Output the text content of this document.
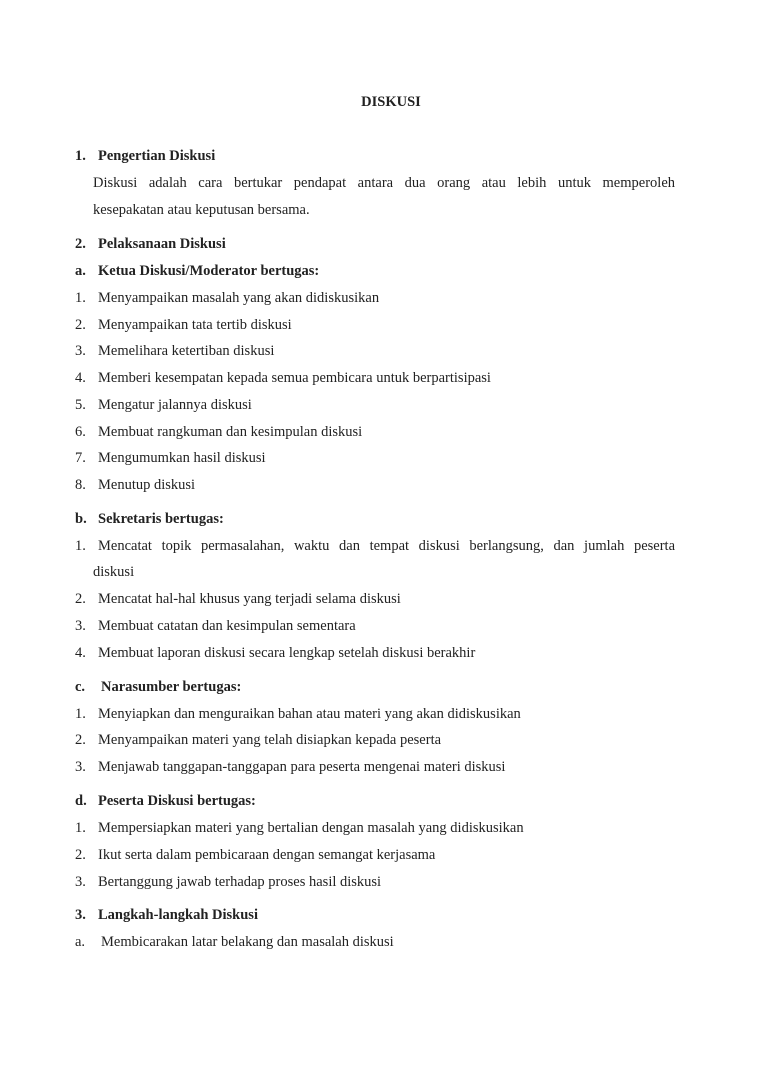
DISKUSI
1. Pengertian Diskusi
Diskusi adalah cara bertukar pendapat antara dua orang atau lebih untuk memperoleh
kesepakatan atau keputusan bersama.
2. Pelaksanaan Diskusi
a. Ketua Diskusi/Moderator bertugas:
1. Menyampaikan masalah yang akan didiskusikan
2. Menyampaikan tata tertib diskusi
3. Memelihara ketertiban diskusi
4. Memberi kesempatan kepada semua pembicara untuk berpartisipasi
5. Mengatur jalannya diskusi
6. Membuat rangkuman dan kesimpulan diskusi
7. Mengumumkan hasil diskusi
8. Menutup diskusi
b. Sekretaris bertugas:
1. Mencatat topik permasalahan, waktu dan tempat diskusi berlangsung, dan jumlah peserta
diskusi
2. Mencatat hal-hal khusus yang terjadi selama diskusi
3. Membuat catatan dan kesimpulan sementara
4. Membuat laporan diskusi secara lengkap setelah diskusi berakhir
c. Narasumber bertugas:
1. Menyiapkan dan menguraikan bahan atau materi yang akan didiskusikan
2. Menyampaikan materi yang telah disiapkan kepada peserta
3. Menjawab tanggapan-tanggapan para peserta mengenai materi diskusi
d. Peserta Diskusi bertugas:
1. Mempersiapkan materi yang bertalian dengan masalah yang didiskusikan
2. Ikut serta dalam pembicaraan dengan semangat kerjasama
3. Bertanggung jawab terhadap proses hasil diskusi
3. Langkah-langkah Diskusi
a. Membicarakan latar belakang dan masalah diskusi
